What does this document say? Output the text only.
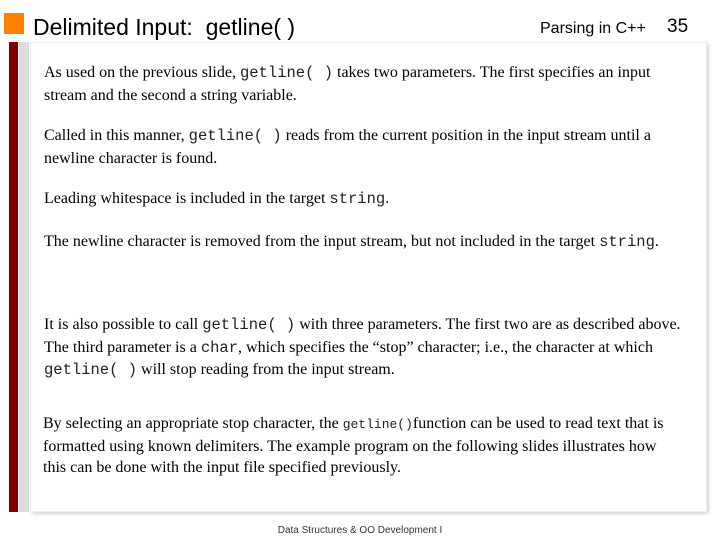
Delimited Input:  getline( )	Parsing in C++ 35

As used on the previous slide, getline( ) takes two parameters. The first specifies an input stream and the second a string variable.

Called in this manner, getline( ) reads from the current position in the input stream until a newline character is found.

Leading whitespace is included in the target string.

The newline character is removed from the input stream, but not included in the target string.

It is also possible to call getline( ) with three parameters. The first two are as described above. The third parameter is a char, which specifies the “stop” character; i.e., the character at which getline( ) will stop reading from the input stream.

By selecting an appropriate stop character, the getline()function can be used to read text that is formatted using known delimiters. The example program on the following slides illustrates how this can be done with the input file specified previously.

Data Structures & OO Development I
